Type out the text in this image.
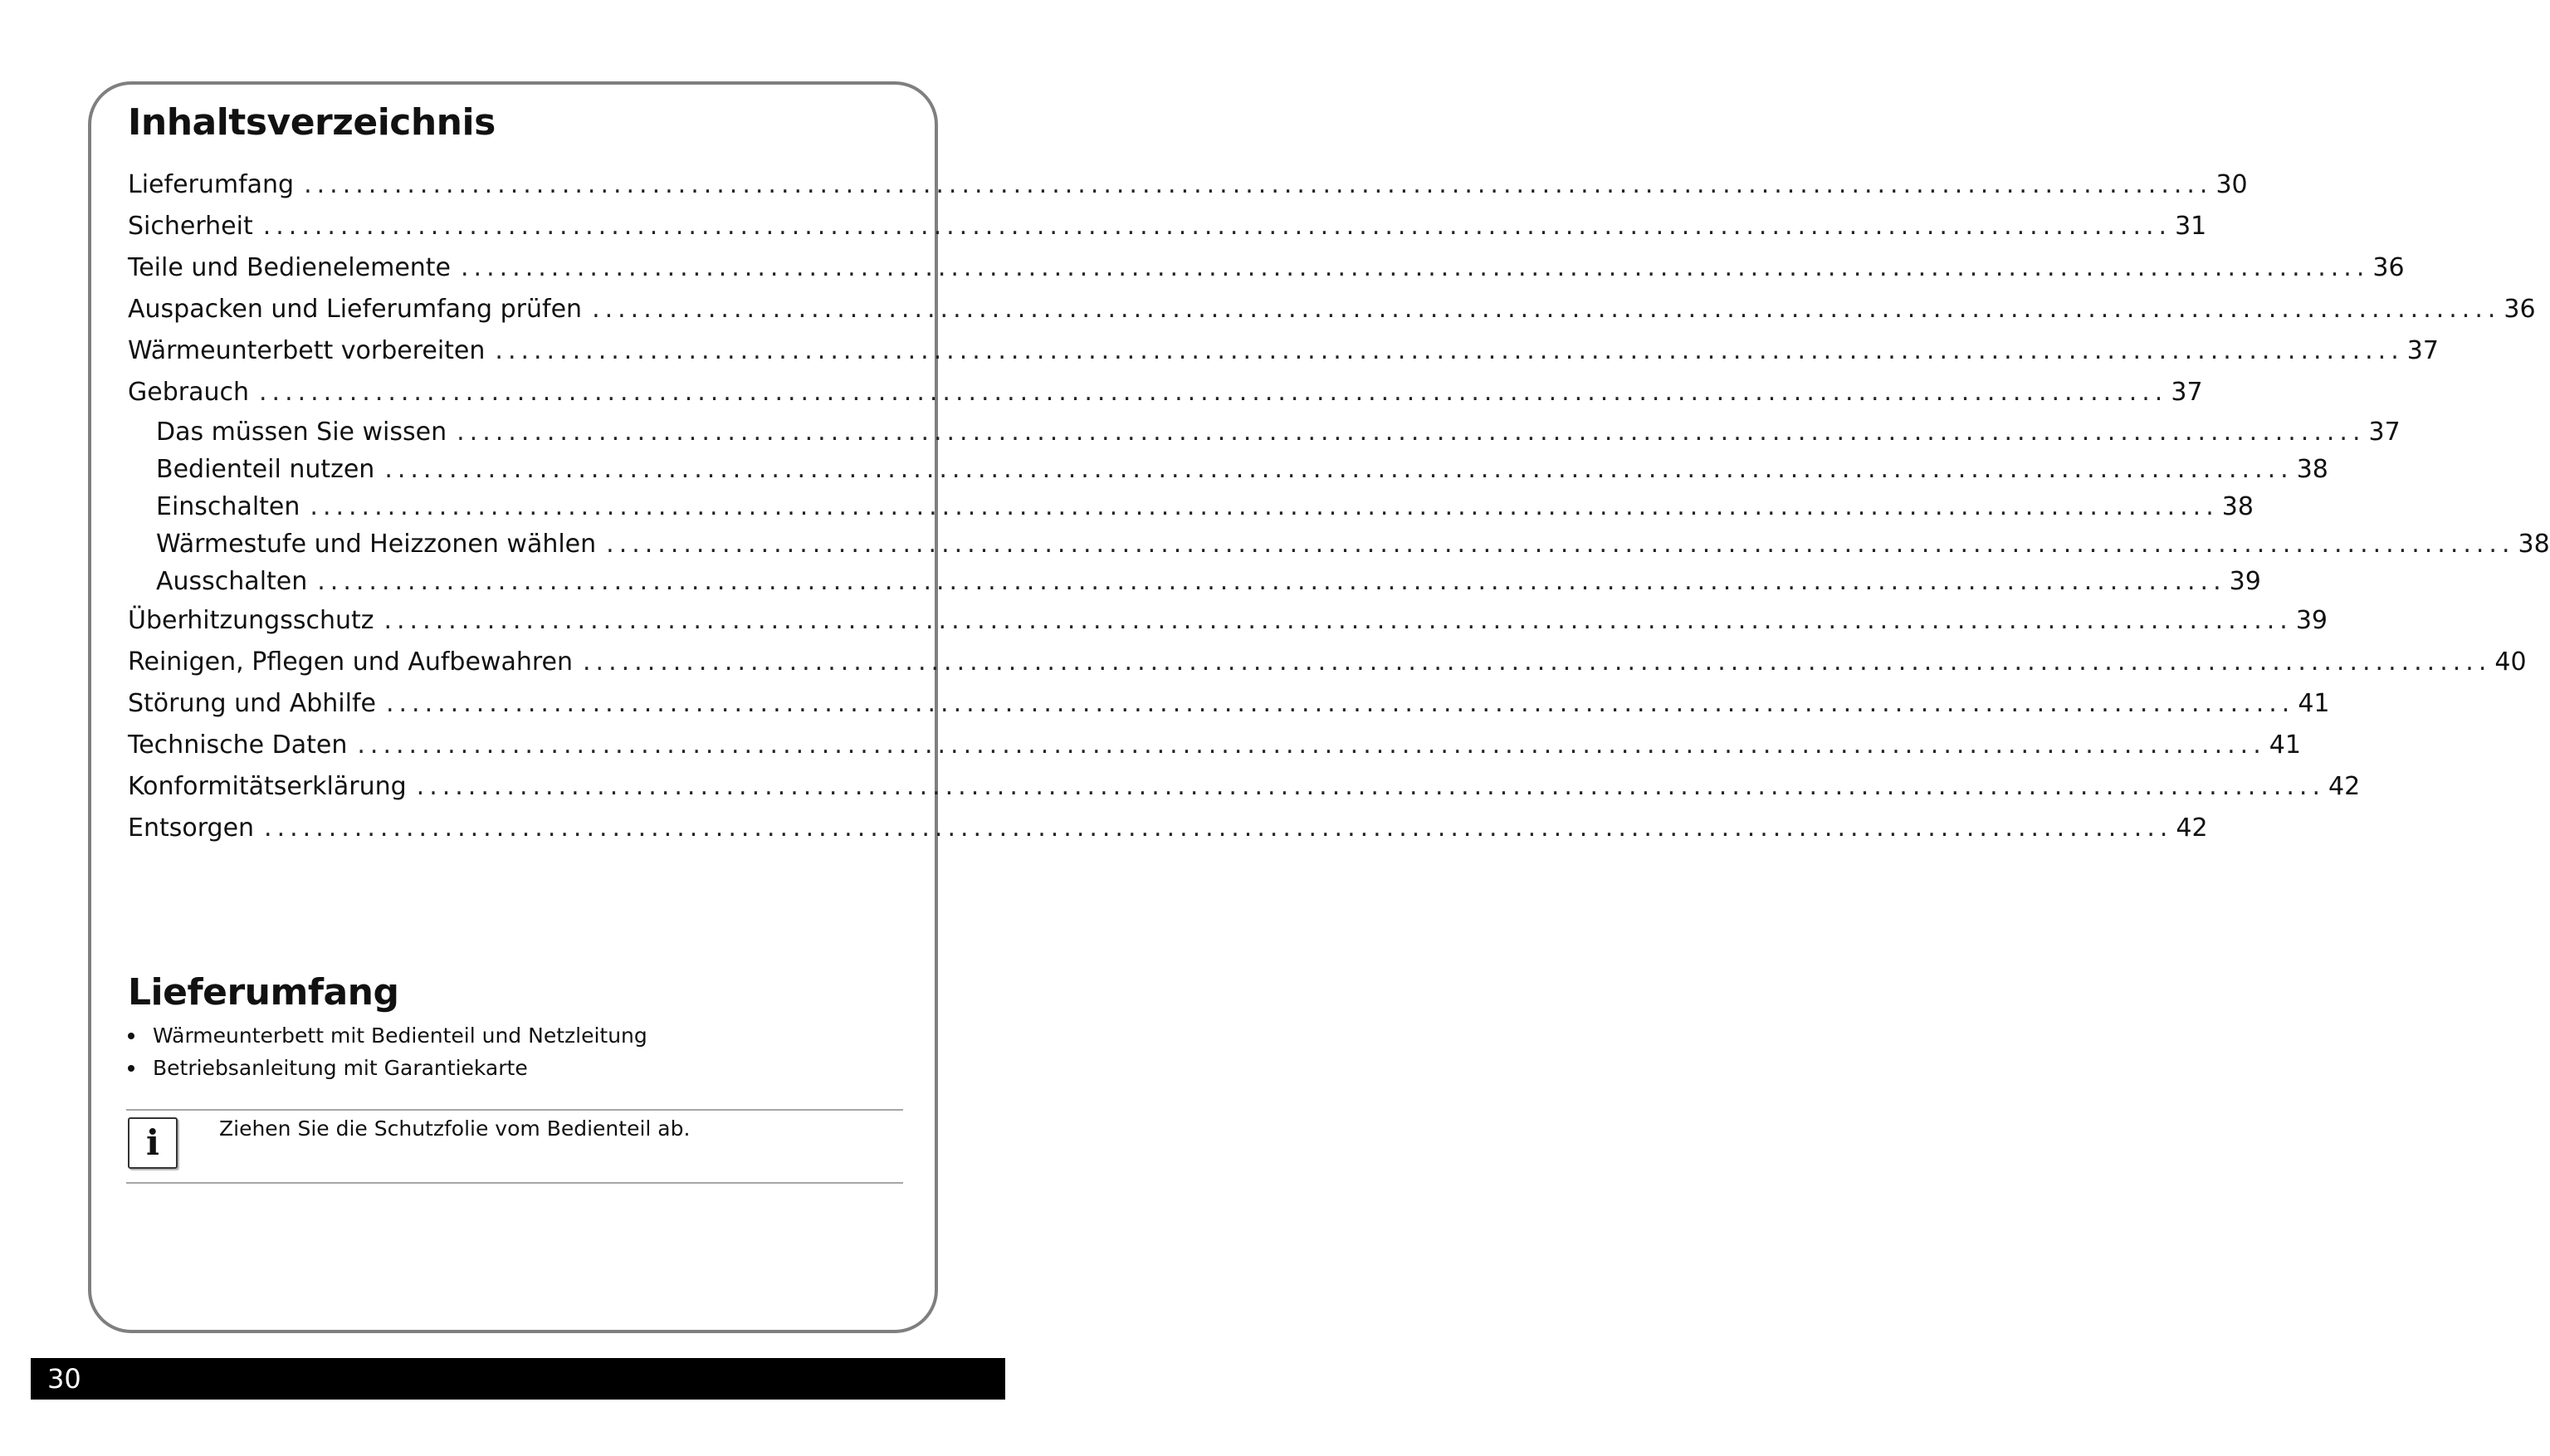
Inhaltsverzeichnis
Lieferumfang .................................................................................................................................................... 30
Sicherheit .................................................................................................................................................... 31
Teile und Bedienelemente .................................................................................................................................................... 36
Auspacken und Lieferumfang prüfen .................................................................................................................................................... 36
Wärmeunterbett vorbereiten .................................................................................................................................................... 37
Gebrauch .................................................................................................................................................... 37
Das müssen Sie wissen .................................................................................................................................................... 37
Bedienteil nutzen .................................................................................................................................................... 38
Einschalten .................................................................................................................................................... 38
Wärmestufe und Heizzonen wählen .................................................................................................................................................... 38
Ausschalten .................................................................................................................................................... 39
Überhitzungsschutz .................................................................................................................................................... 39
Reinigen, Pflegen und Aufbewahren .................................................................................................................................................... 40
Störung und Abhilfe .................................................................................................................................................... 41
Technische Daten .................................................................................................................................................... 41
Konformitätserklärung .................................................................................................................................................... 42
Entsorgen .................................................................................................................................................... 42
Lieferumfang
Wärmeunterbett mit Bedienteil und Netzleitung
Betriebsanleitung mit Garantiekarte
i	Ziehen Sie die Schutzfolie vom Bedienteil ab.
30
